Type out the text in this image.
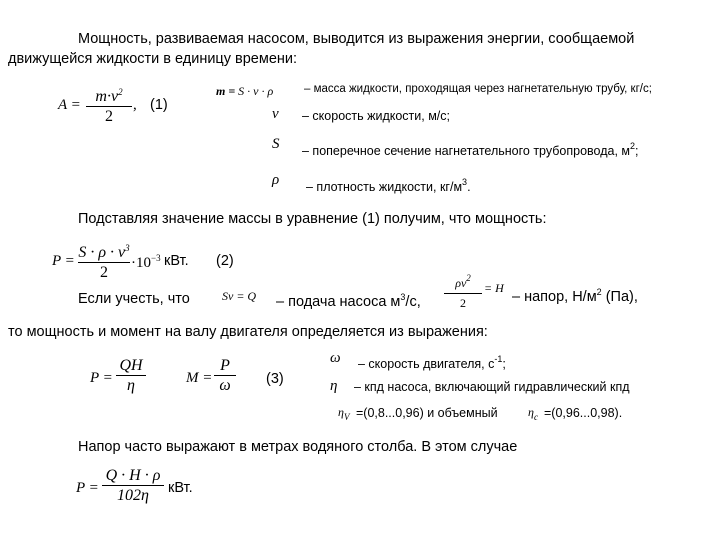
Мощность, развиваемая насосом, выводится из выражения энергии, сообщаемой
движущейся жидкости в единицу времени:
$A = m\cdot v^2$
2
, (1)
m = S · v · ρ	– масса жидкости, проходящая через нагнетательную трубу, кг/с;
v – скорость жидкости, м/с;
S – поперечное сечение нагнетательного трубопровода, $м^2$;
ρ – плотность жидкости, $кг/м^3$.
Подставляя значение массы в уравнение (1) получим, что мощность:
$P = S \cdot \rho \cdot v^3$
2
$\cdot 10^{-3}$ кВт. (2)
Если учесть, что	Sv = Q – подача насоса $м^3/с$,
$\rho v^2$
2
= H
– напор, $Н/м^2$ (Па),
то мощность и момент на валу двигателя определяется из выражения:
P =
QH
η	M =
P
ω	(3)
ω – скорость двигателя, $с^{-1}$;
η – кпд насоса, включающий гидравлический кпд
$\eta_V =(0,8...0,96)$ и объемный	$\eta_c =(0,96...0,98)$.
Напор часто выражают в метрах водяного столба. В этом случае
P =
Q · H · ρ
102η	кВт.
